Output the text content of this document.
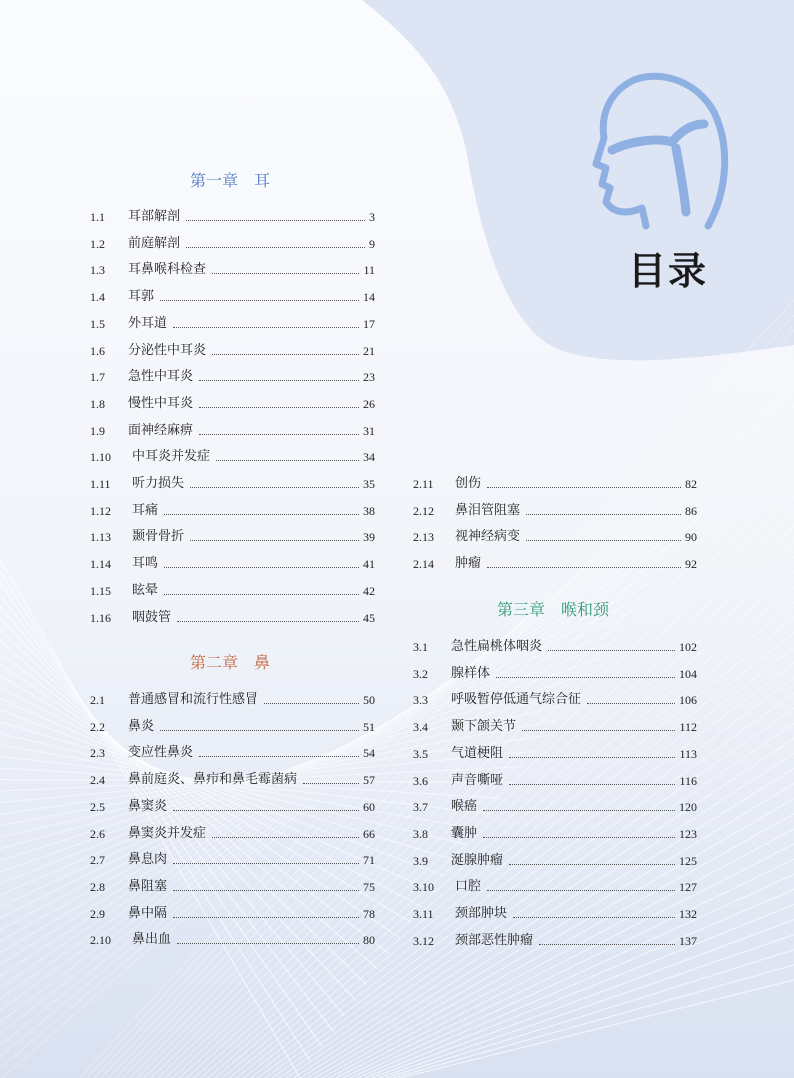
目录
第一章　耳
1.1	耳部解剖	3
1.2	前庭解剖	9
1.3	耳鼻喉科检查	11
1.4	耳郭	14
1.5	外耳道	17
1.6	分泌性中耳炎	21
1.7	急性中耳炎	23
1.8	慢性中耳炎	26
1.9	面神经麻痹	31
1.10	中耳炎并发症	34
1.11	听力损失	35
1.12	耳痛	38
1.13	颞骨骨折	39
1.14	耳鸣	41
1.15	眩晕	42
1.16	咽鼓管	45
第二章　鼻
2.1	普通感冒和流行性感冒	50
2.2	鼻炎	51
2.3	变应性鼻炎	54
2.4	鼻前庭炎、鼻疖和鼻毛霉菌病	57
2.5	鼻窦炎	60
2.6	鼻窦炎并发症	66
2.7	鼻息肉	71
2.8	鼻阻塞	75
2.9	鼻中隔	78
2.10	鼻出血	80
2.11	创伤	82
2.12	鼻泪管阻塞	86
2.13	视神经病变	90
2.14	肿瘤	92
第三章　喉和颈
3.1	急性扁桃体咽炎	102
3.2	腺样体	104
3.3	呼吸暂停低通气综合征	106
3.4	颞下颌关节	112
3.5	气道梗阻	113
3.6	声音嘶哑	116
3.7	喉癌	120
3.8	囊肿	123
3.9	涎腺肿瘤	125
3.10	口腔	127
3.11	颈部肿块	132
3.12	颈部恶性肿瘤	137
